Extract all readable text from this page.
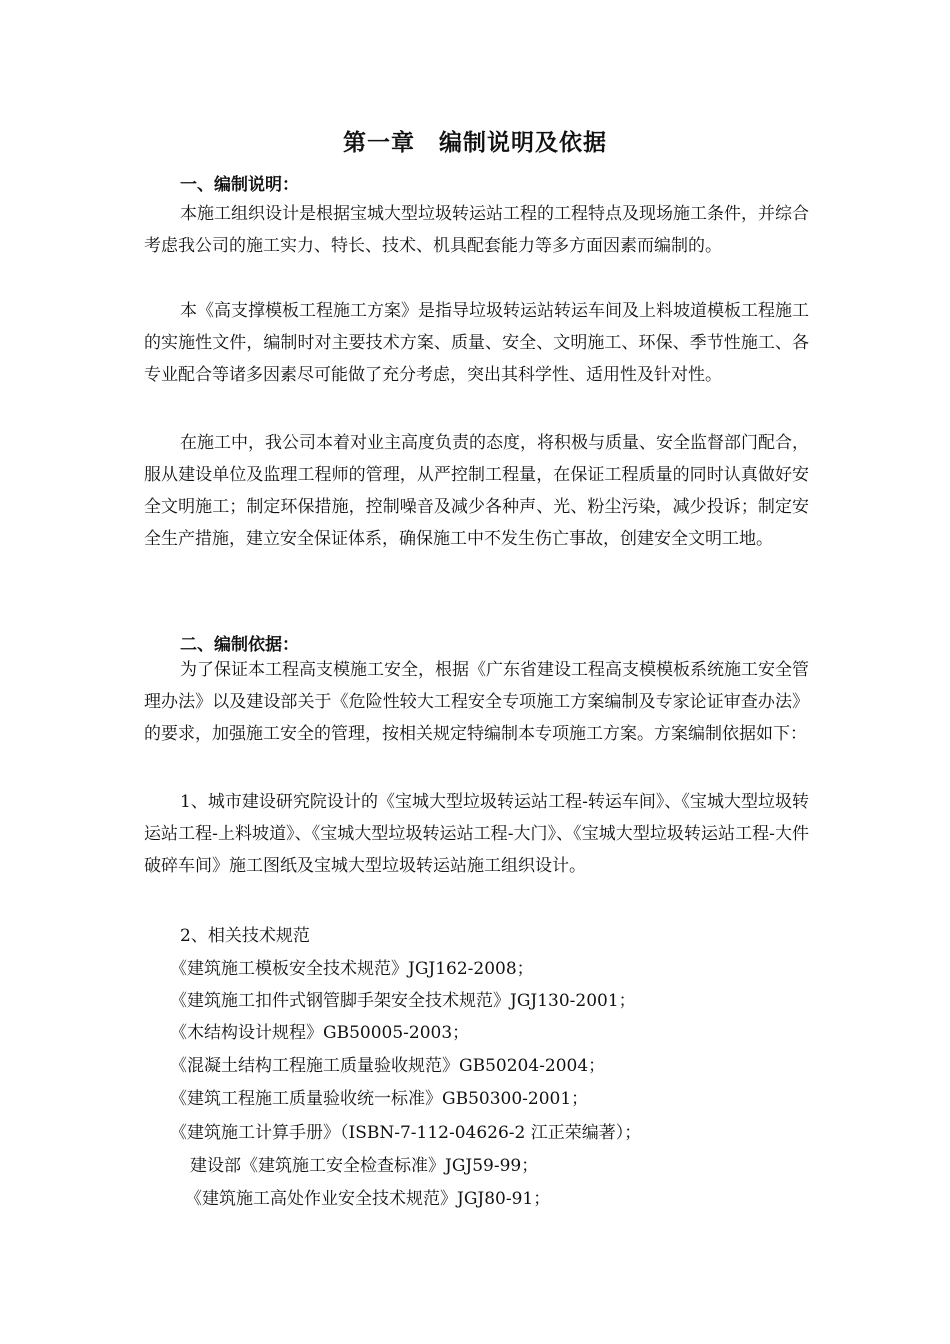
第一章　编制说明及依据
一、编制说明：

本施工组织设计是根据宝城大型垃圾转运站工程的工程特点及现场施工条件，并综合考虑我公司的施工实力、特长、技术、机具配套能力等多方面因素而编制的。

本《高支撑模板工程施工方案》是指导垃圾转运站转运车间及上料坡道模板工程施工的实施性文件，编制时对主要技术方案、质量、安全、文明施工、环保、季节性施工、各专业配合等诸多因素尽可能做了充分考虑，突出其科学性、适用性及针对性。

在施工中，我公司本着对业主高度负责的态度，将积极与质量、安全监督部门配合，服从建设单位及监理工程师的管理，从严控制工程量，在保证工程质量的同时认真做好安全文明施工；制定环保措施，控制噪音及减少各种声、光、粉尘污染，减少投诉；制定安全生产措施，建立安全保证体系，确保施工中不发生伤亡事故，创建安全文明工地。

二、编制依据：

为了保证本工程高支模施工安全，根据《广东省建设工程高支模模板系统施工安全管理办法》以及建设部关于《危险性较大工程安全专项施工方案编制及专家论证审查办法》的要求，加强施工安全的管理，按相关规定特编制本专项施工方案。方案编制依据如下：

1、城市建设研究院设计的《宝城大型垃圾转运站工程-转运车间》、《宝城大型垃圾转运站工程-上料坡道》、《宝城大型垃圾转运站工程-大门》、《宝城大型垃圾转运站工程-大件破碎车间》施工图纸及宝城大型垃圾转运站施工组织设计。

2、相关技术规范

《建筑施工模板安全技术规范》JGJ162-2008；

《建筑施工扣件式钢管脚手架安全技术规范》JGJ130-2001；

《木结构设计规程》GB50005-2003；

《混凝土结构工程施工质量验收规范》GB50204-2004；

《建筑工程施工质量验收统一标准》GB50300-2001；

《建筑施工计算手册》（ISBN-7-112-04626-2 江正荣编著）；

建设部《建筑施工安全检查标准》JGJ59-99；

《建筑施工高处作业安全技术规范》JGJ80-91；
